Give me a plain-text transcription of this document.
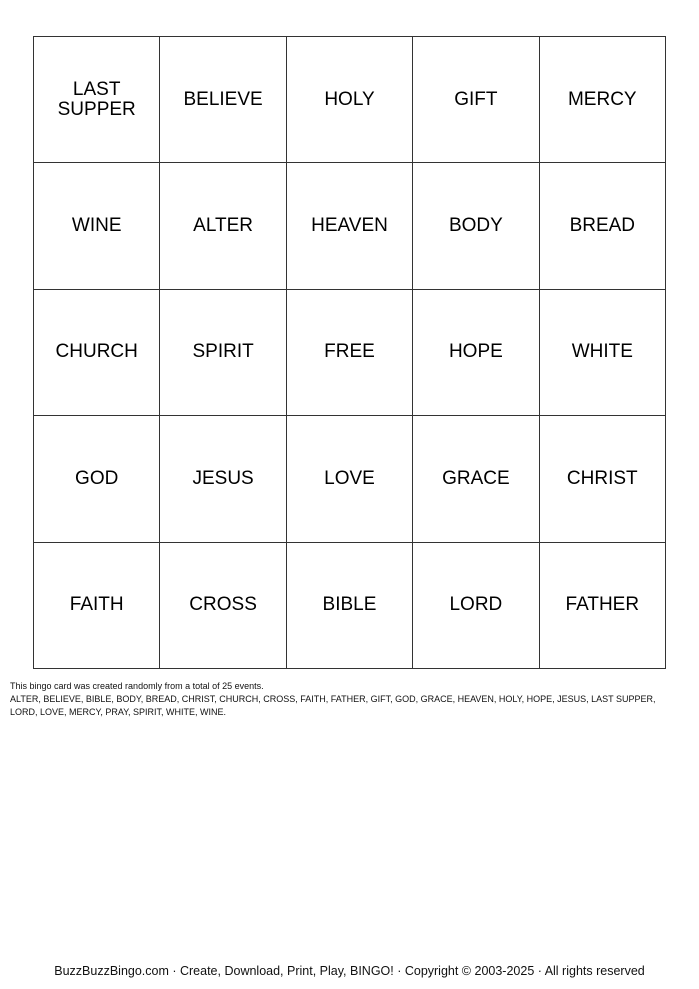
LAST SUPPER	BELIEVE	HOLY	GIFT	MERCY
WINE	ALTER	HEAVEN	BODY	BREAD
CHURCH	SPIRIT	FREE	HOPE	WHITE
GOD	JESUS	LOVE	GRACE	CHRIST
FAITH	CROSS	BIBLE	LORD	FATHER

This bingo card was created randomly from a total of 25 events.

ALTER, BELIEVE, BIBLE, BODY, BREAD, CHRIST, CHURCH, CROSS, FAITH, FATHER, GIFT, GOD, GRACE, HEAVEN, HOLY, HOPE, JESUS, LAST SUPPER, LORD, LOVE, MERCY, PRAY, SPIRIT, WHITE, WINE.

BuzzBuzzBingo.com · Create, Download, Print, Play, BINGO! · Copyright © 2003-2025 · All rights reserved
